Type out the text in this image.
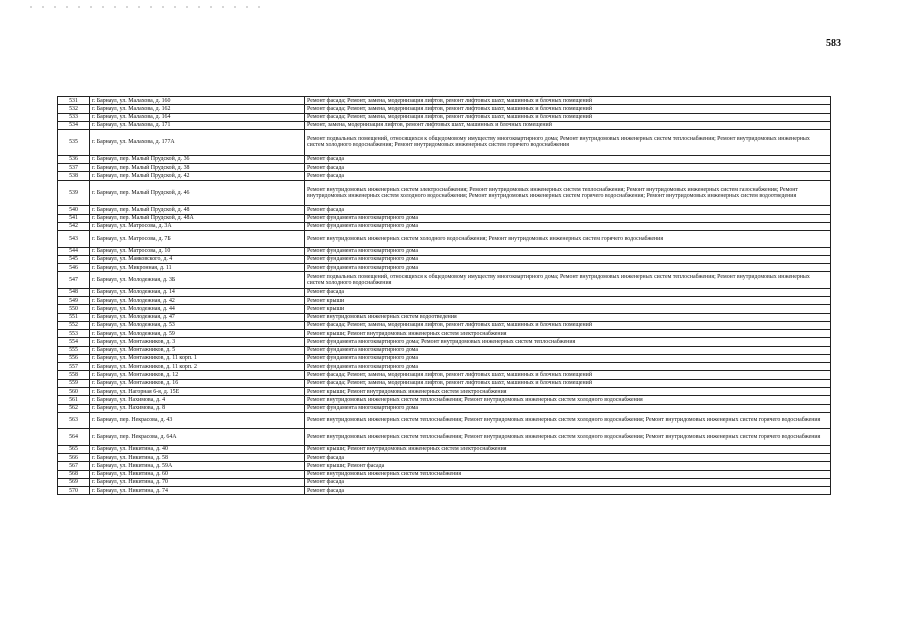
583
531	г. Барнаул, ул. Малахова, д. 160	Ремонт фасада; Ремонт, замена, модернизация лифтов, ремонт лифтовых шахт, машинных и блочных помещений
532	г. Барнаул, ул. Малахова, д. 162	Ремонт фасада; Ремонт, замена, модернизация лифтов, ремонт лифтовых шахт, машинных и блочных помещений
533	г. Барнаул, ул. Малахова, д. 164	Ремонт фасада; Ремонт, замена, модернизация лифтов, ремонт лифтовых шахт, машинных и блочных помещений
534	г. Барнаул, ул. Малахова, д. 171	Ремонт, замена, модернизация лифтов, ремонт лифтовых шахт, машинных и блочных помещений
535	г. Барнаул, ул. Малахова, д. 177А	Ремонт подвальных помещений, относящихся к общедомовому имуществу многоквартирного дома; Ремонт внутридомовых инженерных систем теплоснабжения; Ремонт внутридомовых инженерных систем холодного водоснабжения; Ремонт внутридомовых инженерных систем горячего водоснабжения
536	г. Барнаул, пер. Малый Прудской, д. 36	Ремонт фасада
537	г. Барнаул, пер. Малый Прудской, д. 38	Ремонт фасада
538	г. Барнаул, пер. Малый Прудской, д. 42	Ремонт фасада
539	г. Барнаул, пер. Малый Прудской, д. 46	Ремонт внутридомовых инженерных систем электроснабжения; Ремонт внутридомовых инженерных систем теплоснабжения; Ремонт внутридомовых инженерных систем газоснабжения; Ремонт внутридомовых инженерных систем холодного водоснабжения; Ремонт внутридомовых инженерных систем горячего водоснабжения; Ремонт внутридомовых инженерных систем водоотведения
540	г. Барнаул, пер. Малый Прудской, д. 48	Ремонт фасада
541	г. Барнаул, пер. Малый Прудской, д. 48А	Ремонт фундамента многоквартирного дома
542	г. Барнаул, ул. Матросова, д. 3А	Ремонт фундамента многоквартирного дома
543	г. Барнаул, ул. Матросова, д. 7Б	Ремонт внутридомовых инженерных систем холодного водоснабжения; Ремонт внутридомовых инженерных систем горячего водоснабжения
544	г. Барнаул, ул. Матросова, д. 10	Ремонт фундамента многоквартирного дома
545	г. Барнаул, ул. Маяковского, д. 4	Ремонт фундамента многоквартирного дома
546	г. Барнаул, ул. Микронная, д. 11	Ремонт фундамента многоквартирного дома
547	г. Барнаул, ул. Молодежная, д. 3Б	Ремонт подвальных помещений, относящихся к общедомовому имуществу многоквартирного дома; Ремонт внутридомовых инженерных систем теплоснабжения; Ремонт внутридомовых инженерных систем холодного водоснабжения
548	г. Барнаул, ул. Молодежная, д. 14	Ремонт фасада
549	г. Барнаул, ул. Молодежная, д. 42	Ремонт крыши
550	г. Барнаул, ул. Молодежная, д. 44	Ремонт крыши
551	г. Барнаул, ул. Молодежная, д. 47	Ремонт внутридомовых инженерных систем водоотведения
552	г. Барнаул, ул. Молодежная, д. 53	Ремонт фасада; Ремонт, замена, модернизация лифтов, ремонт лифтовых шахт, машинных и блочных помещений
553	г. Барнаул, ул. Молодежная, д. 59	Ремонт крыши; Ремонт внутридомовых инженерных систем электроснабжения
554	г. Барнаул, ул. Монтажников, д. 3	Ремонт фундамента многоквартирного дома; Ремонт внутридомовых инженерных систем теплоснабжения
555	г. Барнаул, ул. Монтажников, д. 5	Ремонт фундамента многоквартирного дома
556	г. Барнаул, ул. Монтажников, д. 11 корп. 1	Ремонт фундамента многоквартирного дома
557	г. Барнаул, ул. Монтажников, д. 11 корп. 2	Ремонт фундамента многоквартирного дома
558	г. Барнаул, ул. Монтажников, д. 12	Ремонт фасада; Ремонт, замена, модернизация лифтов, ремонт лифтовых шахт, машинных и блочных помещений
559	г. Барнаул, ул. Монтажников, д. 16	Ремонт фасада; Ремонт, замена, модернизация лифтов, ремонт лифтовых шахт, машинных и блочных помещений
560	г. Барнаул, ул. Нагорная 6-я, д. 15Е	Ремонт крыши; Ремонт внутридомовых инженерных систем электроснабжения
561	г. Барнаул, ул. Нахимова, д. 4	Ремонт внутридомовых инженерных систем теплоснабжения; Ремонт внутридомовых инженерных систем холодного водоснабжения
562	г. Барнаул, ул. Нахимова, д. 8	Ремонт фундамента многоквартирного дома
563	г. Барнаул, пер. Некрасова, д. 43	Ремонт внутридомовых инженерных систем теплоснабжения; Ремонт внутридомовых инженерных систем холодного водоснабжения; Ремонт внутридомовых инженерных систем горячего водоснабжения
564	г. Барнаул, пер. Некрасова, д. 64А	Ремонт внутридомовых инженерных систем теплоснабжения; Ремонт внутридомовых инженерных систем холодного водоснабжения; Ремонт внутридомовых инженерных систем горячего водоснабжения
565	г. Барнаул, ул. Никитина, д. 40	Ремонт крыши; Ремонт внутридомовых инженерных систем электроснабжения
566	г. Барнаул, ул. Никитина, д. 58	Ремонт фасада
567	г. Барнаул, ул. Никитина, д. 59А	Ремонт крыши; Ремонт фасада
568	г. Барнаул, ул. Никитина, д. 60	Ремонт внутридомовых инженерных систем теплоснабжения
569	г. Барнаул, ул. Никитина, д. 70	Ремонт фасада
570	г. Барнаул, ул. Никитина, д. 74	Ремонт фасада
